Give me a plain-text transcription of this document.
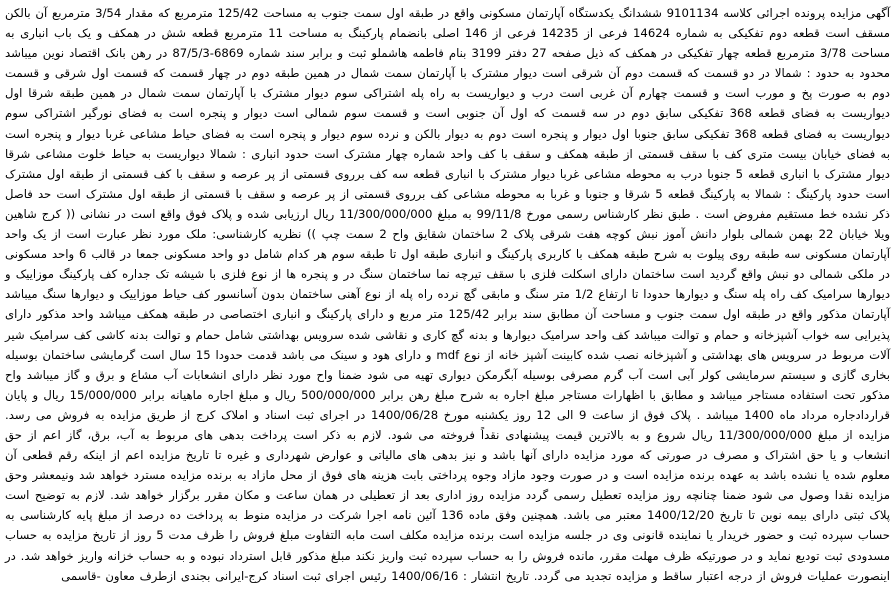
آگهی مزایده پرونده اجرائی کلاسه 9101134 ششدانگ یکدستگاه آپارتمان مسکونی واقع در طبقه اول سمت جنوب به مساحت 125/42 مترمربع که مقدار 3/54 مترمربع آن بالکن مسقف است قطعه دوم تفکیکی به شماره 14624 فرعی از 14235 فرعی از 146 اصلی بانضمام پارکینگ به مساحت 11 مترمربع قطعه شش در همکف و یک باب انباری به مساحت 3/78 مترمربع قطعه چهار تفکیکی در همکف که ذیل صفحه 27 دفتر 3199 بنام فاطمه هاشملو ثبت و برابر سند شماره 6869-87/5/3 در رهن بانک اقتصاد نوین میباشد محدود به حدود : شمالا در دو قسمت که قسمت دوم آن شرقی است دیوار مشترک با آپارتمان سمت شمال در همین طبقه دوم در چهار قسمت که قسمت اول شرقی و قسمت دوم به صورت پخ و مورب است و قسمت چهارم آن غربی است درب و دیواریست به راه پله اشتراکی سوم دیوار مشترک با آپارتمان سمت شمال در همین طبقه شرقا اول دیواریست به فضای قطعه 368 تفکیکی سابق دوم در سه قسمت که اول آن جنوبی است و قسمت سوم شمالی است دیوار و پنجره است به فضای نورگیر اشتراکی سوم دیواریست به فضای قطعه 368 تفکیکی سابق جنوبا اول دیوار و پنجره است دوم به دیوار بالکن و نرده سوم دیوار و پنجره است به فضای حیاط مشاعی غربا دیوار و پنجره است به فضای خیابان بیست متری کف با سقف قسمتی از طبقه همکف و سقف با کف واحد شماره چهار مشترک است حدود انباری : شمالا دیواریست به حیاط خلوت مشاعی شرقا دیوار مشترک با انباری قطعه 5 جنوبا درب به محوطه مشاعی غربا دیوار مشترک با انباری قطعه سه کف برروی قسمتی از پر عرصه و سقف با کف قسمتی از طبقه اول مشترک است حدود پارکینگ : شمالا به پارکینگ قطعه 5 شرقا و جنوبا و غربا به محوطه مشاعی کف برروی قسمتی از پر عرصه و سقف با قسمتی از طبقه اول مشترک است حد فاصل ذکر نشده خط مستقیم مفروض است . طبق نظر کارشناس رسمی مورخ 99/11/8 به مبلغ 11/300/000/000 ریال ارزیابی شده و پلاک فوق واقع است در نشانی (( کرج شاهین ویلا خیابان 22 بهمن شمالی بلوار دانش آموز نبش کوچه هفت شرقی پلاک 2 ساختمان شقایق واح 2 سمت چپ )) نظریه کارشناسی: ملک مورد نظر عبارت است از یک واحد آپارتمان مسکونی سه طبقه روی پیلوت به شرح طبقه همکف با کاربری پارکینگ و انباری طبقه اول تا طبقه سوم هر کدام شامل دو واحد مسکونی جمعا در قالب 6 واحد مسکونی در ملکی شمالی دو نبش واقع گردید است ساختمان دارای اسکلت فلزی با سقف تیرچه نما ساختمان سنگ در و پنجره ها از نوع فلزی با شیشه تک جداره کف پارکینگ موزاییک و دیوارها سرامیک کف راه پله سنگ و دیوارها حدودا تا ارتفاع 1/2 متر سنگ و مابقی گچ نرده راه پله از نوع آهنی ساختمان بدون آسانسور کف حیاط موزاییک و دیوارها سنگ میباشد آپارتمان مذکور واقع در طبقه اول سمت جنوب و مساحت آن مطابق سند برابر 125/42 متر مربع و دارای پارکینگ و انباری اختصاصی در طبقه همکف میباشد واحد مذکور دارای پذیرایی سه خواب آشپزخانه و حمام و توالت میباشد کف واحد سرامیک دیوارها و بدنه گچ کاری و نقاشی شده سرویس بهداشتی شامل حمام و توالت بدنه کاشی کف سرامیک شیر آلات مربوط در سرویس های بهداشتی و آشپزخانه نصب شده کابینت آشپز خانه از نوع mdf و دارای هود و سینک می باشد قدمت حدودا 15 سال است گرمایشی ساختمان بوسیله بخاری گازی و سیستم سرمایشی کولر آبی است آب گرم مصرفی بوسیله آبگرمکن دیواری تهیه می شود ضمنا واح مورد نظر دارای انشعابات آب مشاع و برق و گاز میباشد واح مذکور تحت استفاده مستاجر میباشد و مطابق با اظهارات مستاجر مبلغ اجاره به شرح مبلغ رهن برابر 500/000/000 ریال و مبلغ اجاره ماهیانه برابر 15/000/000 ریال و پایان قراردادجاره مرداد ماه 1400 میباشد . پلاک فوق از ساعت 9 الی 12 روز یکشنبه مورخ 1400/06/28 در اجرای ثبت اسناد و املاک کرج از طریق مزایده به فروش می رسد. مزایده از مبلغ 11/300/000/000 ریال شروع و به بالاترین قیمت پیشنهادی نقداً فروخته می شود. لازم به ذکر است پرداخت بدهی های مربوط به آب، برق، گاز اعم از حق انشعاب و یا حق اشتراک و مصرف در صورتی که مورد مزایده دارای آنها باشد و نیز بدهی های مالیاتی و عوارض شهرداری و غیره تا تاریخ مزایده اعم از اینکه رقم قطعی آن معلوم شده یا نشده باشد به عهده برنده مزایده است و در صورت وجود مازاد وجوه پرداختی بابت هزینه های فوق از محل مازاد به برنده مزایده مسترد خواهد شد ونیمعشر وحق مزایده نقدا وصول می شود ضمنا چنانچه روز مزایده تعطیل رسمی گردد مزایده روز اداری بعد از تعطیلی در همان ساعت و مکان مقرر برگزار خواهد شد. لازم به توضیح است پلاک ثبتی دارای بیمه نوین تا تاریخ 1400/12/20 معتبر می باشد. همچنین وفق ماده 136 آئین نامه اجرا شرکت در مزایده منوط به پرداخت ده درصد از مبلغ پایه کارشناسی به حساب سپرده ثبت و حضور خریدار یا نماینده قانونی وی در جلسه مزایده است برنده مزایده مکلف است مابه التفاوت مبلغ فروش را ظرف مدت 5 روز از تاریخ مزایده به حساب مسدودی ثبت تودیع نماید و در صورتیکه ظرف مهلت مقرر، مانده فروش را به حساب سپرده ثبت واریز نکند مبلغ مذکور قابل استرداد نبوده و به حساب خزانه واریز خواهد شد. در اینصورت عملیات فروش از درجه اعتبار ساقط و مزایده تجدید می گردد. تاریخ انتشار : 1400/06/16 رئیس اجرای ثبت اسناد کرج-ایرانی بجندی ازطرف معاون -قاسمی
